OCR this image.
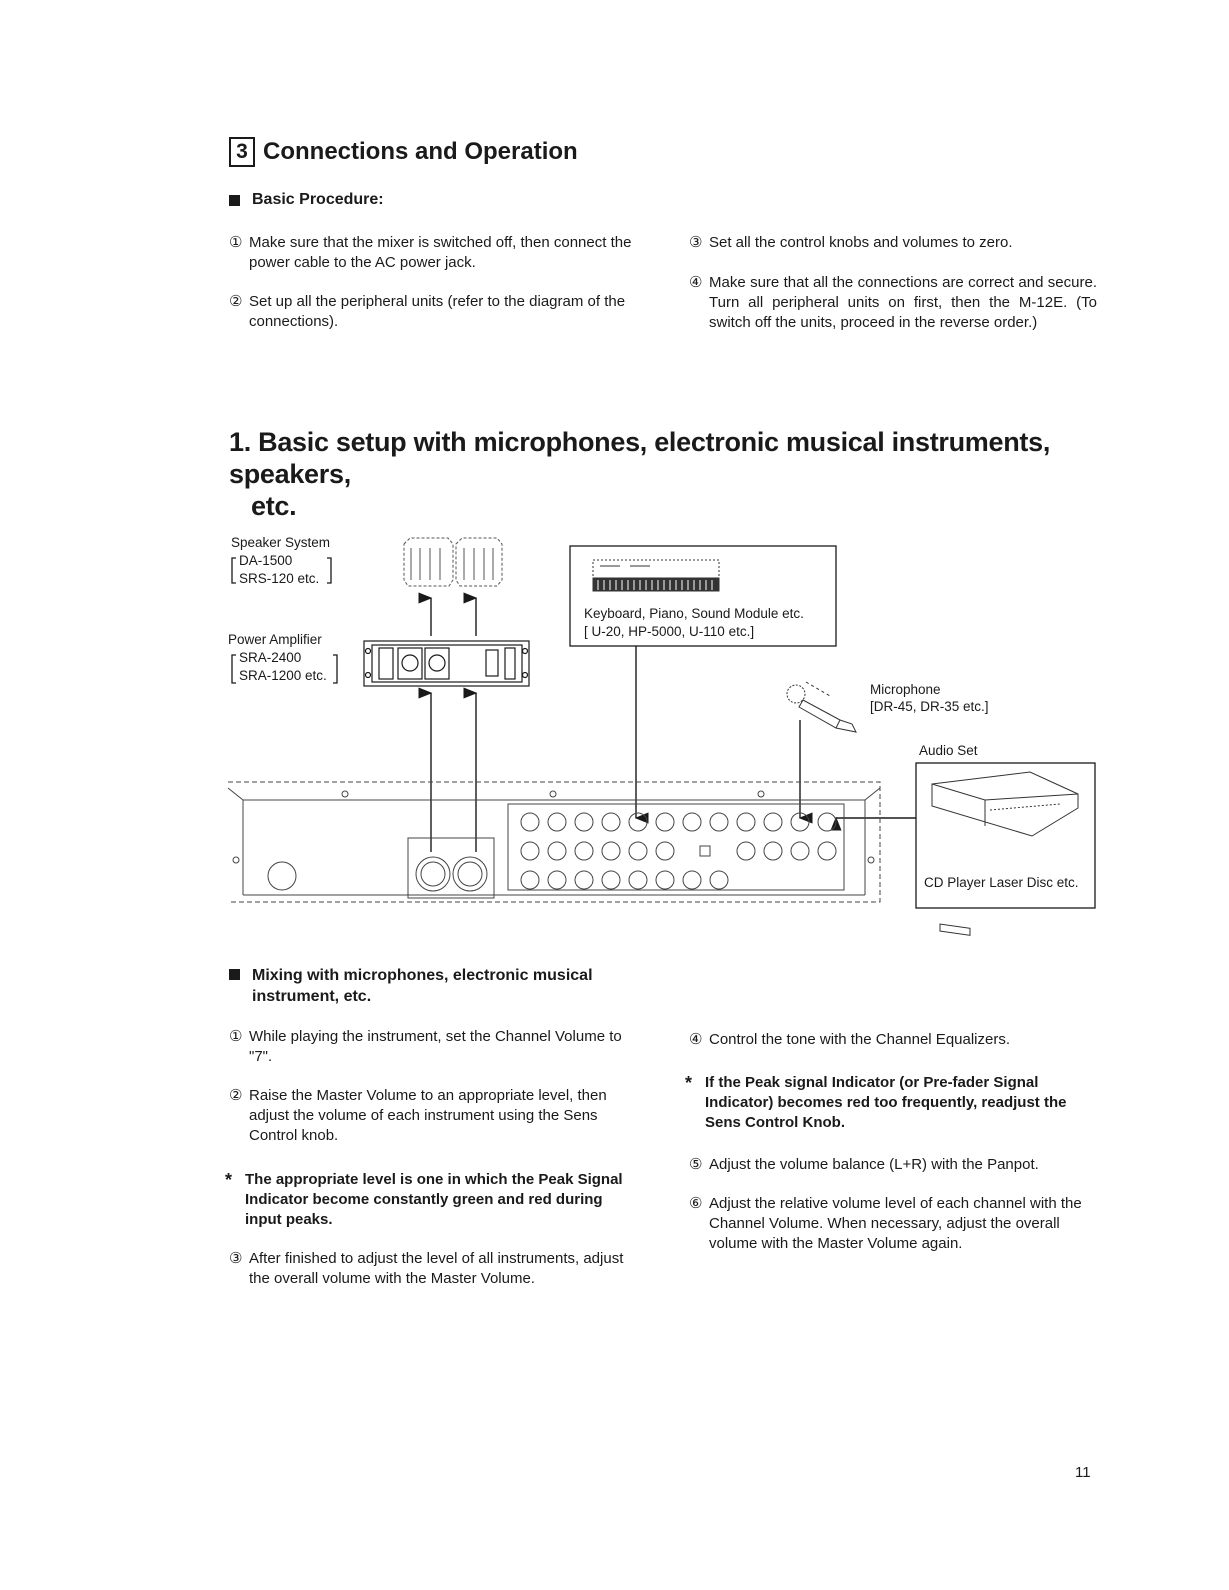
3 Connections and Operation
Basic Procedure:
① Make sure that the mixer is switched off, then connect the power cable to the AC power jack.
② Set up all the peripheral units (refer to the diagram of the connections).
③ Set all the control knobs and volumes to zero.
④ Make sure that all the connections are correct and secure. Turn all peripheral units on first, then the M-12E. (To switch off the units, proceed in the reverse order.)
1. Basic setup with microphones, electronic musical instruments, speakers,
etc.
Speaker System
DA-1500
SRS-120 etc.
Power Amplifier
SRA-2400
SRA-1200 etc.
Keyboard, Piano, Sound Module etc.
[ U-20, HP-5000, U-110 etc.]
Microphone
[DR-45, DR-35 etc.]
Audio Set
CD Player Laser Disc etc.
Mixing with microphones, electronic musical instrument, etc.
① While playing the instrument, set the Channel Volume to "7".
② Raise the Master Volume to an appropriate level, then adjust the volume of each instrument using the Sens Control knob.
* The appropriate level is one in which the Peak Signal Indicator become constantly green and red during input peaks.
③ After finished to adjust the level of all instruments, adjust the overall volume with the Master Volume.
④ Control the tone with the Channel Equalizers.
* If the Peak signal Indicator (or Pre-fader Signal Indicator) becomes red too frequently, readjust the Sens Control Knob.
⑤ Adjust the volume balance (L+R) with the Panpot.
⑥ Adjust the relative volume level of each channel with the Channel Volume. When necessary, adjust the overall volume with the Master Volume again.
11
